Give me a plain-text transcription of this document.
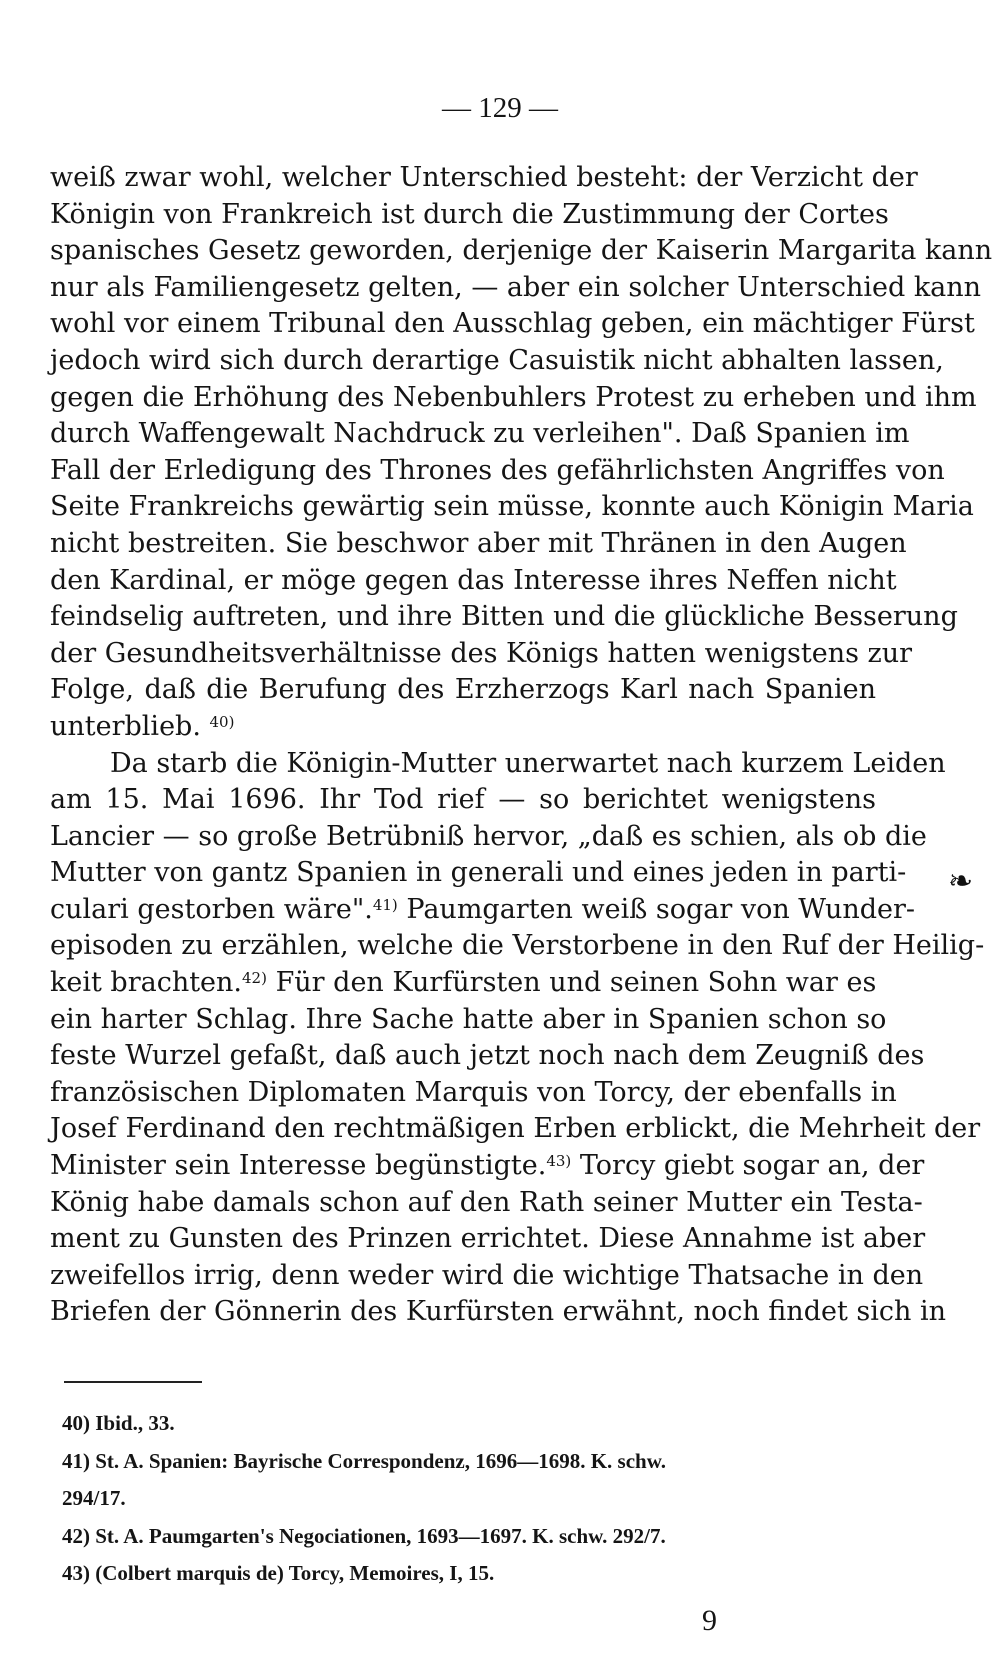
— 129 —
weiß zwar wohl, welcher Unterschied besteht: der Verzicht der
Königin von Frankreich ist durch die Zustimmung der Cortes
spanisches Gesetz geworden, derjenige der Kaiserin Margarita kann
nur als Familiengesetz gelten, — aber ein solcher Unterschied kann
wohl vor einem Tribunal den Ausschlag geben, ein mächtiger Fürst
jedoch wird sich durch derartige Casuistik nicht abhalten lassen,
gegen die Erhöhung des Nebenbuhlers Protest zu erheben und ihm
durch Waffengewalt Nachdruck zu verleihen". Daß Spanien im
Fall der Erledigung des Thrones des gefährlichsten Angriffes von
Seite Frankreichs gewärtig sein müsse, konnte auch Königin Maria
nicht bestreiten. Sie beschwor aber mit Thränen in den Augen
den Kardinal, er möge gegen das Interesse ihres Neffen nicht
feindselig auftreten, und ihre Bitten und die glückliche Besserung
der Gesundheitsverhältnisse des Königs hatten wenigstens zur
Folge, daß die Berufung des Erzherzogs Karl nach Spanien
unterblieb. $^{40)}$
Da starb die Königin-Mutter unerwartet nach kurzem Leiden
am 15. Mai 1696. Ihr Tod rief — so berichtet wenigstens
Lancier — so große Betrübniß hervor, „daß es schien, als ob die
Mutter von gantz Spanien in generali und eines jeden in parti-
culari gestorben wäre".$^{41)}$ Paumgarten weiß sogar von Wunder-
episoden zu erzählen, welche die Verstorbene in den Ruf der Heilig-
keit brachten.$^{42)}$ Für den Kurfürsten und seinen Sohn war es
ein harter Schlag. Ihre Sache hatte aber in Spanien schon so
feste Wurzel gefaßt, daß auch jetzt noch nach dem Zeugniß des
französischen Diplomaten Marquis von Torcy, der ebenfalls in
Josef Ferdinand den rechtmäßigen Erben erblickt, die Mehrheit der
Minister sein Interesse begünstigte.$^{43)}$ Torcy giebt sogar an, der
König habe damals schon auf den Rath seiner Mutter ein Testa-
ment zu Gunsten des Prinzen errichtet. Diese Annahme ist aber
zweifellos irrig, denn weder wird die wichtige Thatsache in den
Briefen der Gönnerin des Kurfürsten erwähnt, noch findet sich in
❧
40) Ibid., 33.
41) St. A. Spanien: Bayrische Correspondenz, 1696—1698. K. schw.
294/17.
42) St. A. Paumgarten's Negociationen, 1693—1697. K. schw. 292/7.
43) (Colbert marquis de) Torcy, Memoires, I, 15.
9
